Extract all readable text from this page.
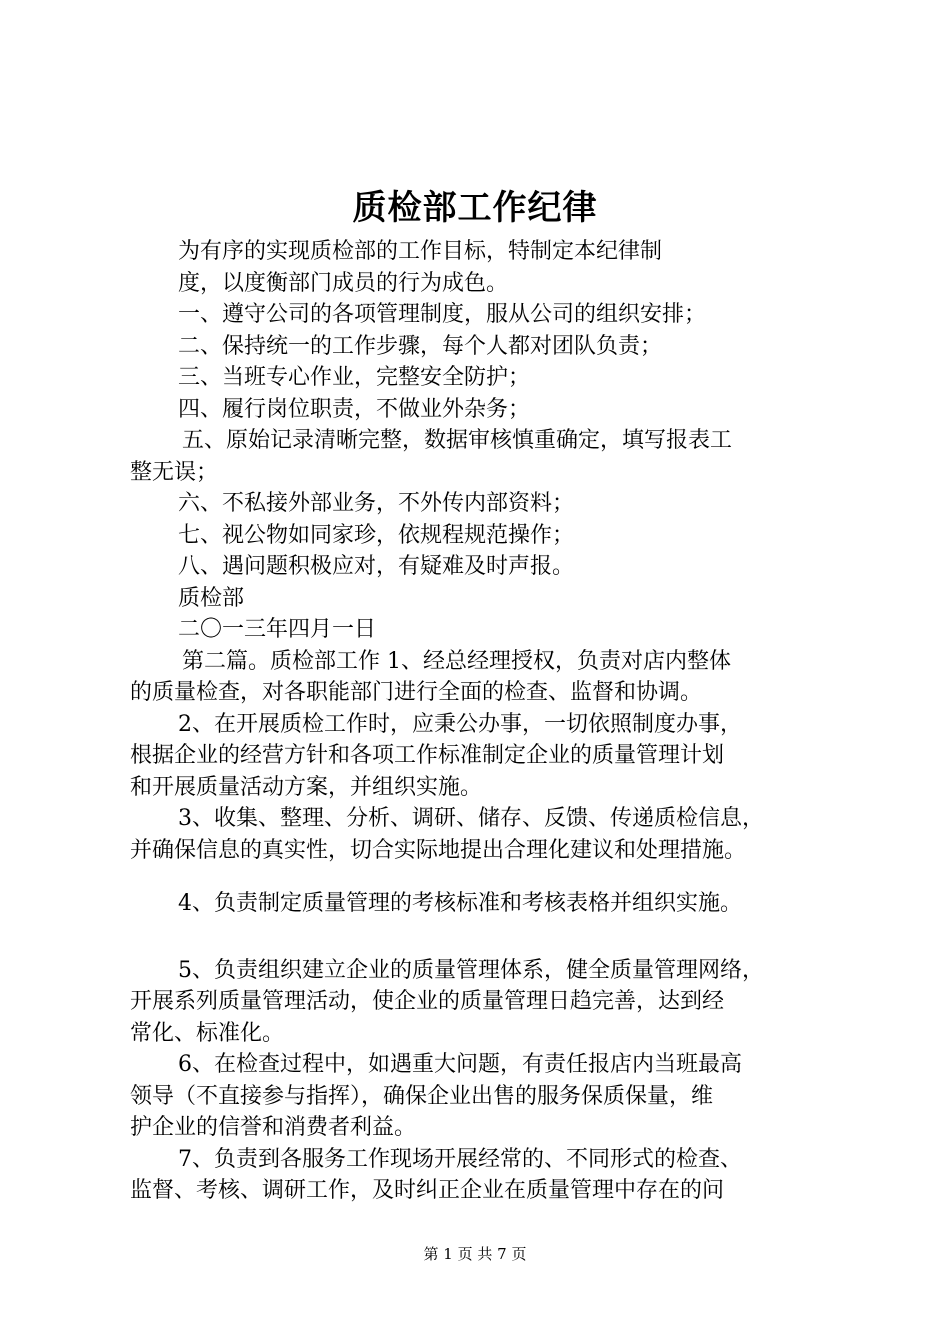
质检部工作纪律

为有序的实现质检部的工作目标，特制定本纪律制

度，以度衡部门成员的行为成色。

一、遵守公司的各项管理制度，服从公司的组织安排；

二、保持统一的工作步骤，每个人都对团队负责；

三、当班专心作业，完整安全防护；

四、履行岗位职责，不做业外杂务；

五、原始记录清晰完整，数据审核慎重确定，填写报表工

整无误；

六、不私接外部业务，不外传内部资料；

七、视公物如同家珍，依规程规范操作；

八、遇问题积极应对，有疑难及时声报。

质检部

二〇一三年四月一日

第二篇。质检部工作 1、经总经理授权，负责对店内整体

的质量检查，对各职能部门进行全面的检查、监督和协调。

2、在开展质检工作时，应秉公办事，一切依照制度办事，

根据企业的经营方针和各项工作标准制定企业的质量管理计划

和开展质量活动方案，并组织实施。

3、收集、整理、分析、调研、储存、反馈、传递质检信息，

并确保信息的真实性，切合实际地提出合理化建议和处理措施。

4、负责制定质量管理的考核标准和考核表格并组织实施。

5、负责组织建立企业的质量管理体系，健全质量管理网络，

开展系列质量管理活动，使企业的质量管理日趋完善，达到经

常化、标准化。

6、在检查过程中，如遇重大问题，有责任报店内当班最高

领导（不直接参与指挥），确保企业出售的服务保质保量，维

护企业的信誉和消费者利益。

7、负责到各服务工作现场开展经常的、不同形式的检查、

监督、考核、调研工作，及时纠正企业在质量管理中存在的问

第 1 页 共 7 页
